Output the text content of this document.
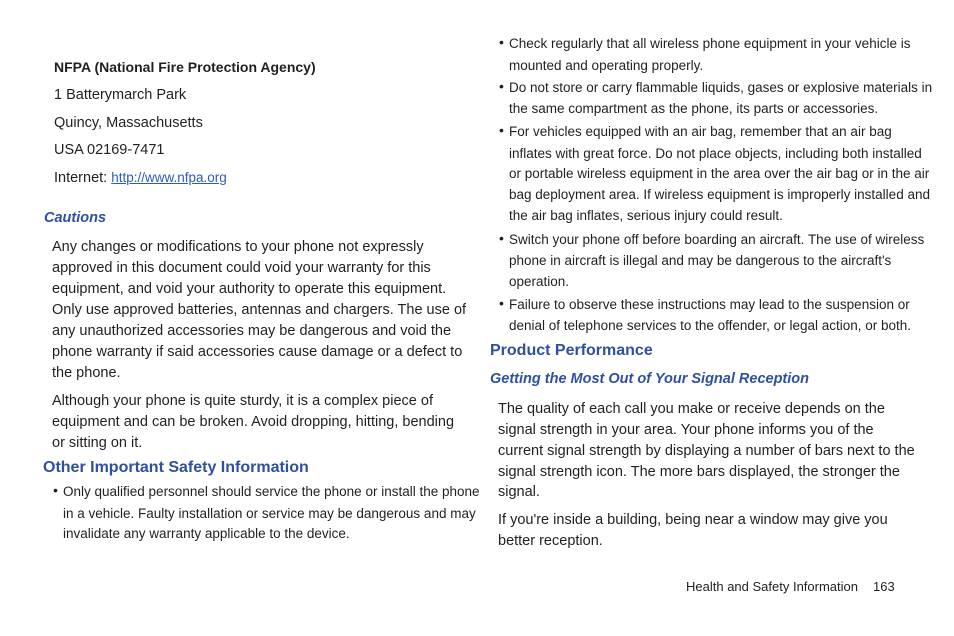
NFPA (National Fire Protection Agency)
1 Batterymarch Park
Quincy, Massachusetts
USA 02169-7471
Internet: http://www.nfpa.org
Cautions
Any changes or modifications to your phone not expressly
approved in this document could void your warranty for this
equipment, and void your authority to operate this equipment.
Only use approved batteries, antennas and chargers. The use of
any unauthorized accessories may be dangerous and void the
phone warranty if said accessories cause damage or a defect to
the phone.
Although your phone is quite sturdy, it is a complex piece of
equipment and can be broken. Avoid dropping, hitting, bending
or sitting on it.
Other Important Safety Information
• Only qualified personnel should service the phone or install the phone
in a vehicle. Faulty installation or service may be dangerous and may
invalidate any warranty applicable to the device.
• Check regularly that all wireless phone equipment in your vehicle is
mounted and operating properly.
• Do not store or carry flammable liquids, gases or explosive materials in
the same compartment as the phone, its parts or accessories.
• For vehicles equipped with an air bag, remember that an air bag
inflates with great force. Do not place objects, including both installed
or portable wireless equipment in the area over the air bag or in the air
bag deployment area. If wireless equipment is improperly installed and
the air bag inflates, serious injury could result.
• Switch your phone off before boarding an aircraft. The use of wireless
phone in aircraft is illegal and may be dangerous to the aircraft's
operation.
• Failure to observe these instructions may lead to the suspension or
denial of telephone services to the offender, or legal action, or both.
Product Performance
Getting the Most Out of Your Signal Reception
The quality of each call you make or receive depends on the
signal strength in your area. Your phone informs you of the
current signal strength by displaying a number of bars next to the
signal strength icon. The more bars displayed, the stronger the
signal.
If you're inside a building, being near a window may give you
better reception.
Health and Safety Information 163
